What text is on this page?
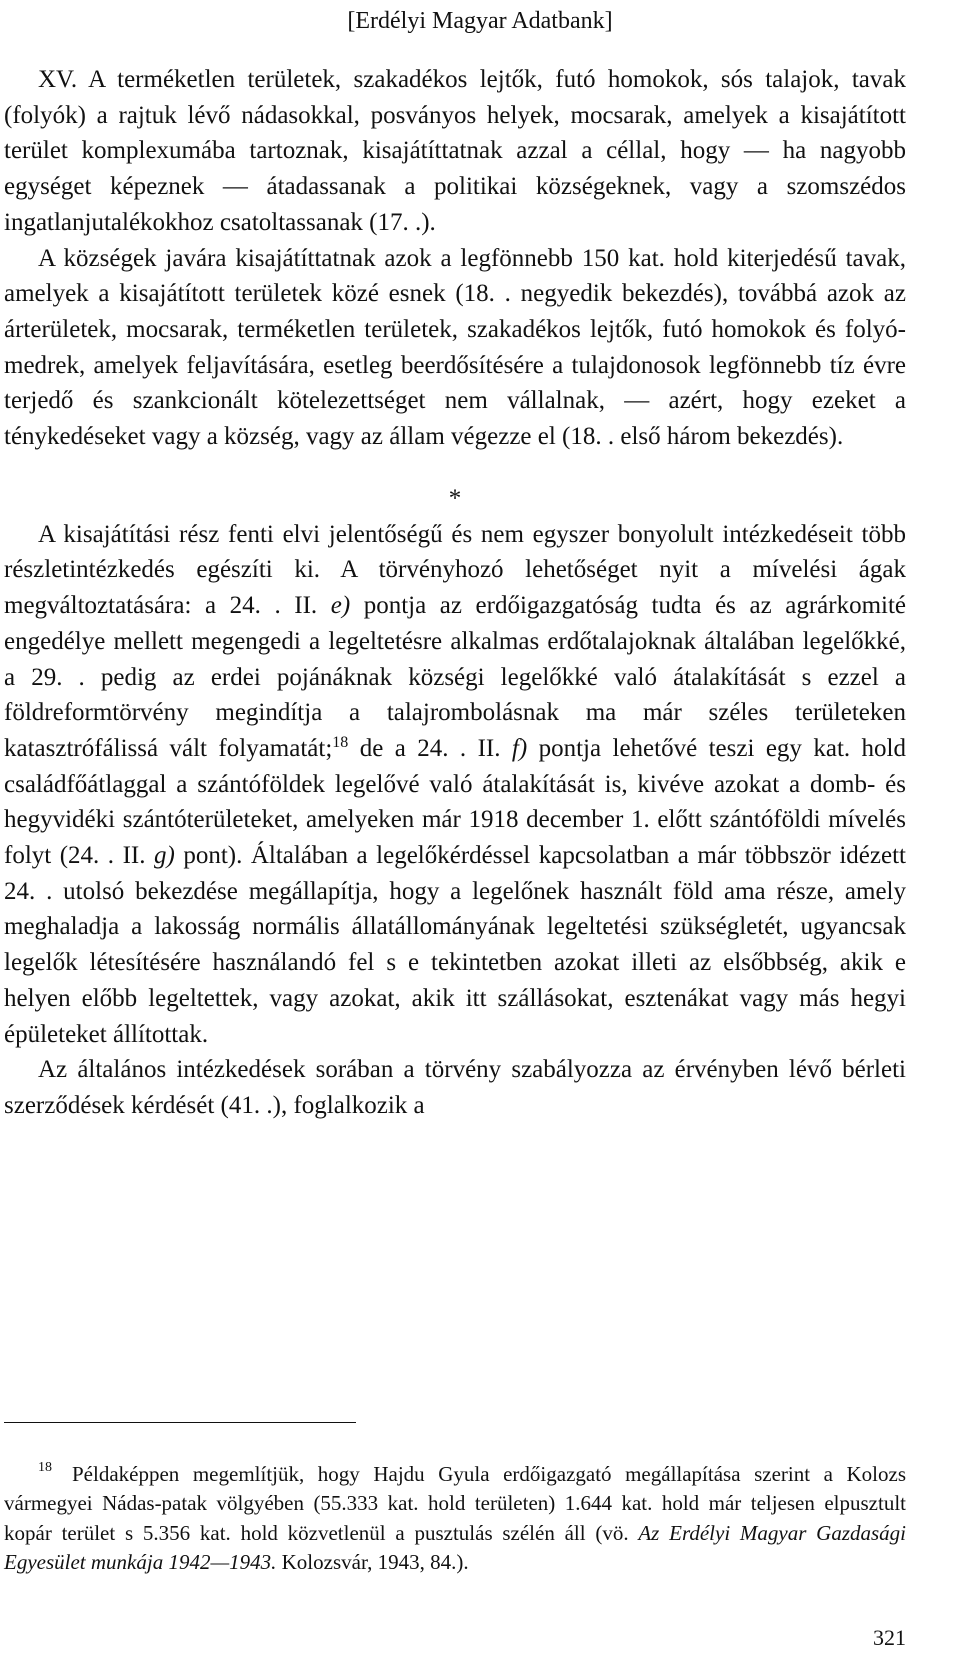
[Erdélyi Magyar Adatbank]

XV. A terméketlen területek, szakadékos lejtők, futó homokok, sós talajok, tavak (folyók) a rajtuk lévő nádasokkal, posványos helyek, mocsarak, amelyek a kisajátított terület komplexumába tartoznak, kisajátíttatnak azzal a céllal, hogy — ha nagyobb egységet képeznek — átadassanak a politikai községeknek, vagy a szomszédos ingatlanjutalékokhoz csatoltassanak (17. .).

A községek javára kisajátíttatnak azok a legfönnebb 150 kat. hold kiterjedésű tavak, amelyek a kisajátított területek közé esnek (18. . negyedik bekezdés), továbbá azok az árterületek, mocsarak, terméketlen területek, szakadékos lejtők, futó homokok és folyómedrek, amelyek feljavítására, esetleg beerdősítésére a tulajdonosok legfönnebb tíz évre terjedő és szankcionált kötelezettséget nem vállalnak, — azért, hogy ezeket a ténykedéseket vagy a község, vagy az állam végezze el (18. . első három bekezdés).

*

A kisajátítási rész fenti elvi jelentőségű és nem egyszer bonyolult intézkedéseit több részletintézkedés egészíti ki. A törvényhozó lehetőséget nyit a mívelési ágak megváltoztatására: a 24. . II. e) pontja az erdőigazgatóság tudta és az agrárkomité engedélye mellett megengedi a legeltetésre alkalmas erdőtalajoknak általában legelőkké, a 29. . pedig az erdei pojánáknak községi legelőkké való átalakítását s ezzel a földreformtörvény megindítja a talajrombolásnak ma már széles területeken katasztrófálissá vált folyamatát;$^{18}$ de a 24. . II. f) pontja lehetővé teszi egy kat. hold családfőátlaggal a szántóföldek legelővé való átalakítását is, kivéve azokat a domb- és hegyvidéki szántóterületeket, amelyeken már 1918 december 1. előtt szántóföldi mívelés folyt (24. . II. g) pont). Általában a legelőkérdéssel kapcsolatban a már többször idézett 24. . utolsó bekezdése megállapítja, hogy a legelőnek használt föld ama része, amely meghaladja a lakosság normális állatállományának legeltetési szükségletét, ugyancsak legelők létesítésére használandó fel s e tekintetben azokat illeti az elsőbbség, akik e helyen előbb legeltettek, vagy azokat, akik itt szállásokat, esztenákat vagy más hegyi épületeket állítottak.

Az általános intézkedések sorában a törvény szabályozza az érvényben lévő bérleti szerződések kérdését (41. .), foglalkozik a

$^{18}$ Példaképpen megemlítjük, hogy Hajdu Gyula erdőigazgató megállapítása szerint a Kolozs vármegyei Nádas-patak völgyében (55.333 kat. hold területen) 1.644 kat. hold már teljesen elpusztult kopár terület s 5.356 kat. hold közvetlenül a pusztulás szélén áll (vö. Az Erdélyi Magyar Gazdasági Egyesület munkája 1942—1943. Kolozsvár, 1943, 84.).

321
